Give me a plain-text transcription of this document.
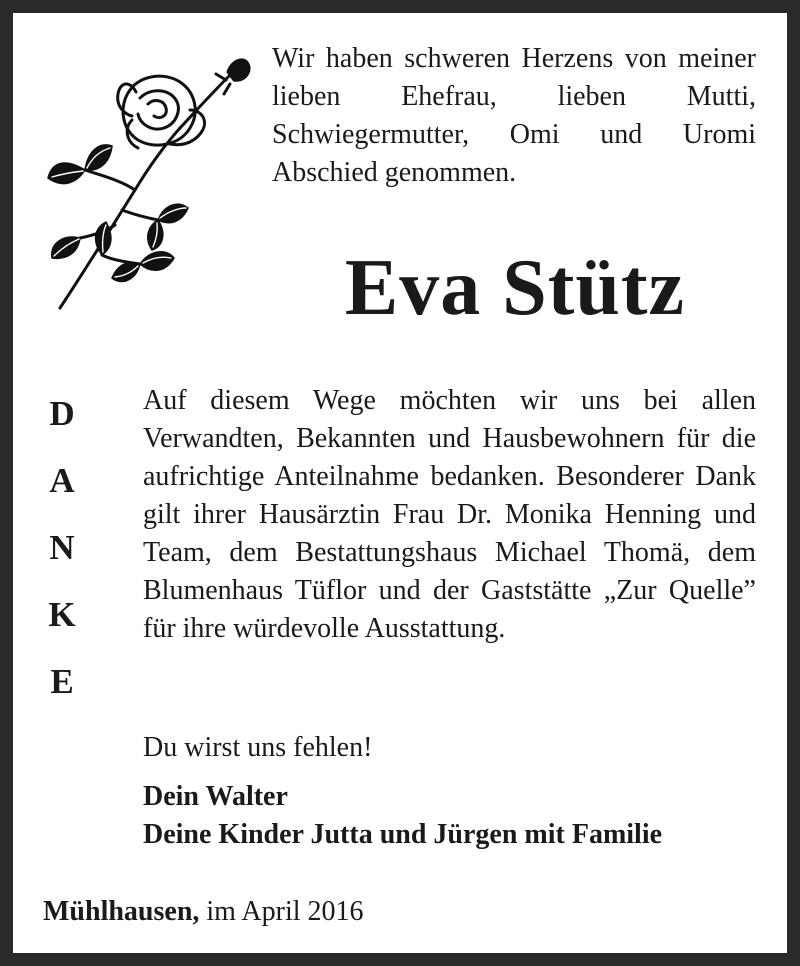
Wir haben schweren Herzens von meiner lieben Ehefrau, lieben Mutti, Schwiegermutter, Omi und Uromi Abschied genommen.

Eva Stütz
D
A
N
K
E

Auf diesem Wege möchten wir uns bei allen Verwandten, Bekannten und Hausbewohnern für die aufrichtige Anteilnahme bedanken. Besonderer Dank gilt ihrer Hausärztin Frau Dr. Monika Henning und Team, dem Bestattungshaus Michael Thomä, dem Blumenhaus Tüflor und der Gaststätte „Zur Quelle” für ihre würdevolle Ausstattung.

Du wirst uns fehlen!
Dein Walter
Deine Kinder Jutta und Jürgen mit Familie
Mühlhausen, im April 2016
